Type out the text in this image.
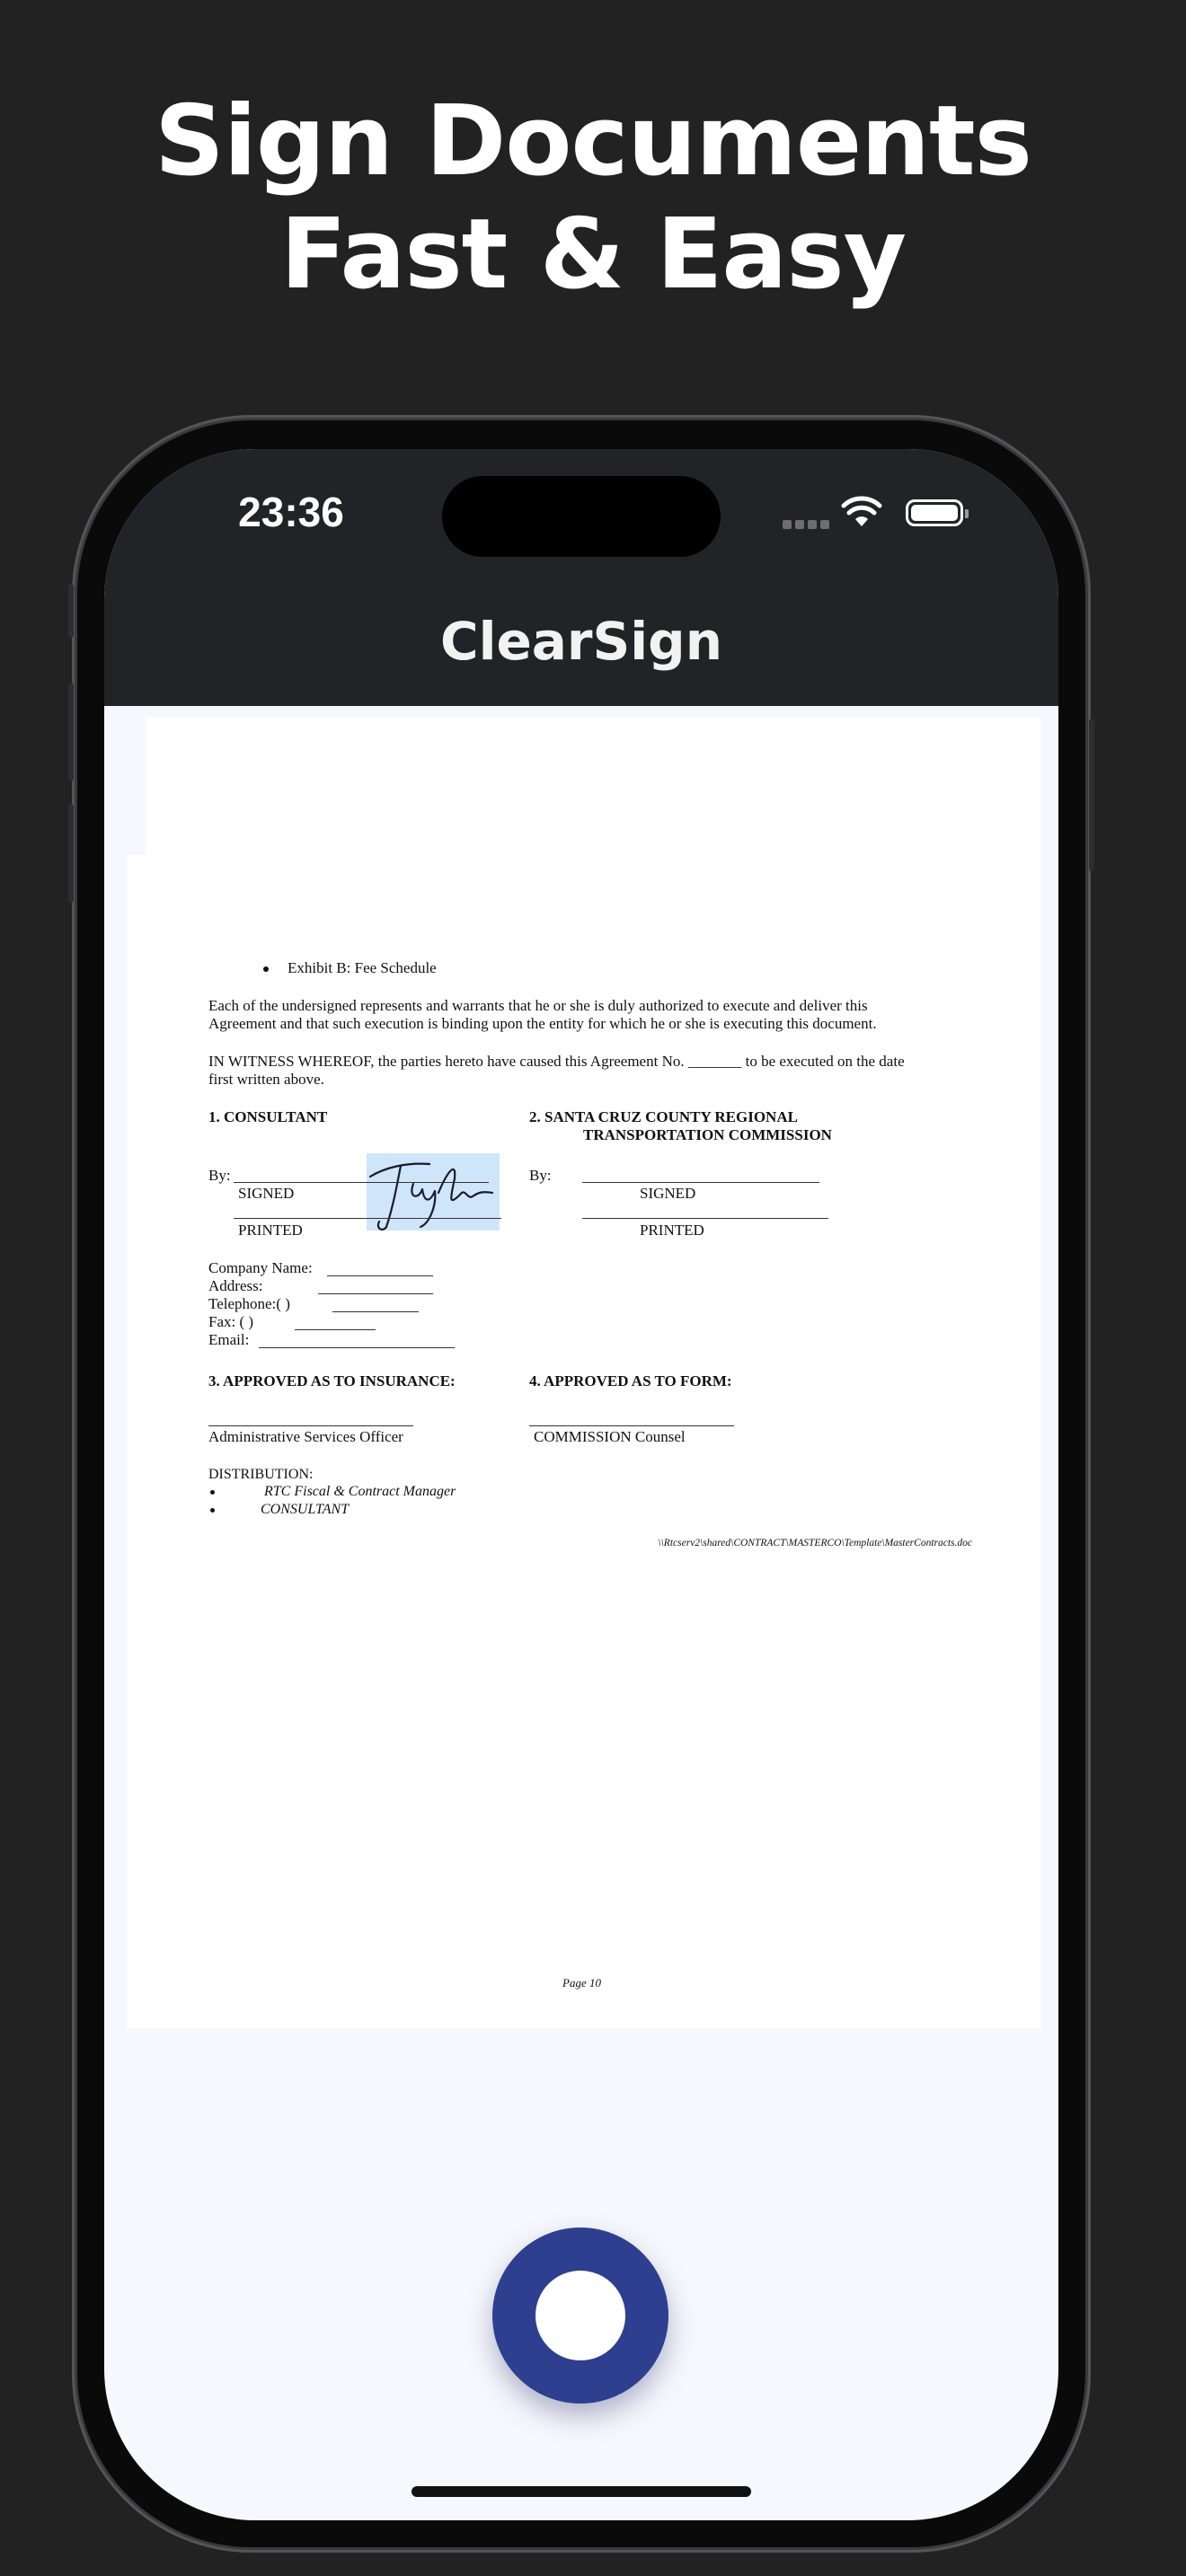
Sign Documents
Fast & Easy
23:36
ClearSign
Exhibit B: Fee Schedule
Each of the undersigned represents and warrants that he or she is duly authorized to execute and deliver this
Agreement and that such execution is binding upon the entity for which he or she is executing this document.
IN WITNESS WHEREOF, the parties hereto have caused this Agreement No. _______ to be executed on the date
first written above.
1. CONSULTANT	2. SANTA CRUZ COUNTY REGIONAL
TRANSPORTATION COMMISSION
By:
SIGNED
PRINTED
By:
SIGNED
PRINTED
Company Name:
Address:
Telephone:( )
Fax: ( )
Email:
3. APPROVED AS TO INSURANCE:	4. APPROVED AS TO FORM:
Administrative Services Officer	COMMISSION Counsel
DISTRIBUTION:
RTC Fiscal & Contract Manager
CONSULTANT
\\Rtcserv2\shared\CONTRACT\MASTERCO\Template\MasterContracts.doc
Page 10
